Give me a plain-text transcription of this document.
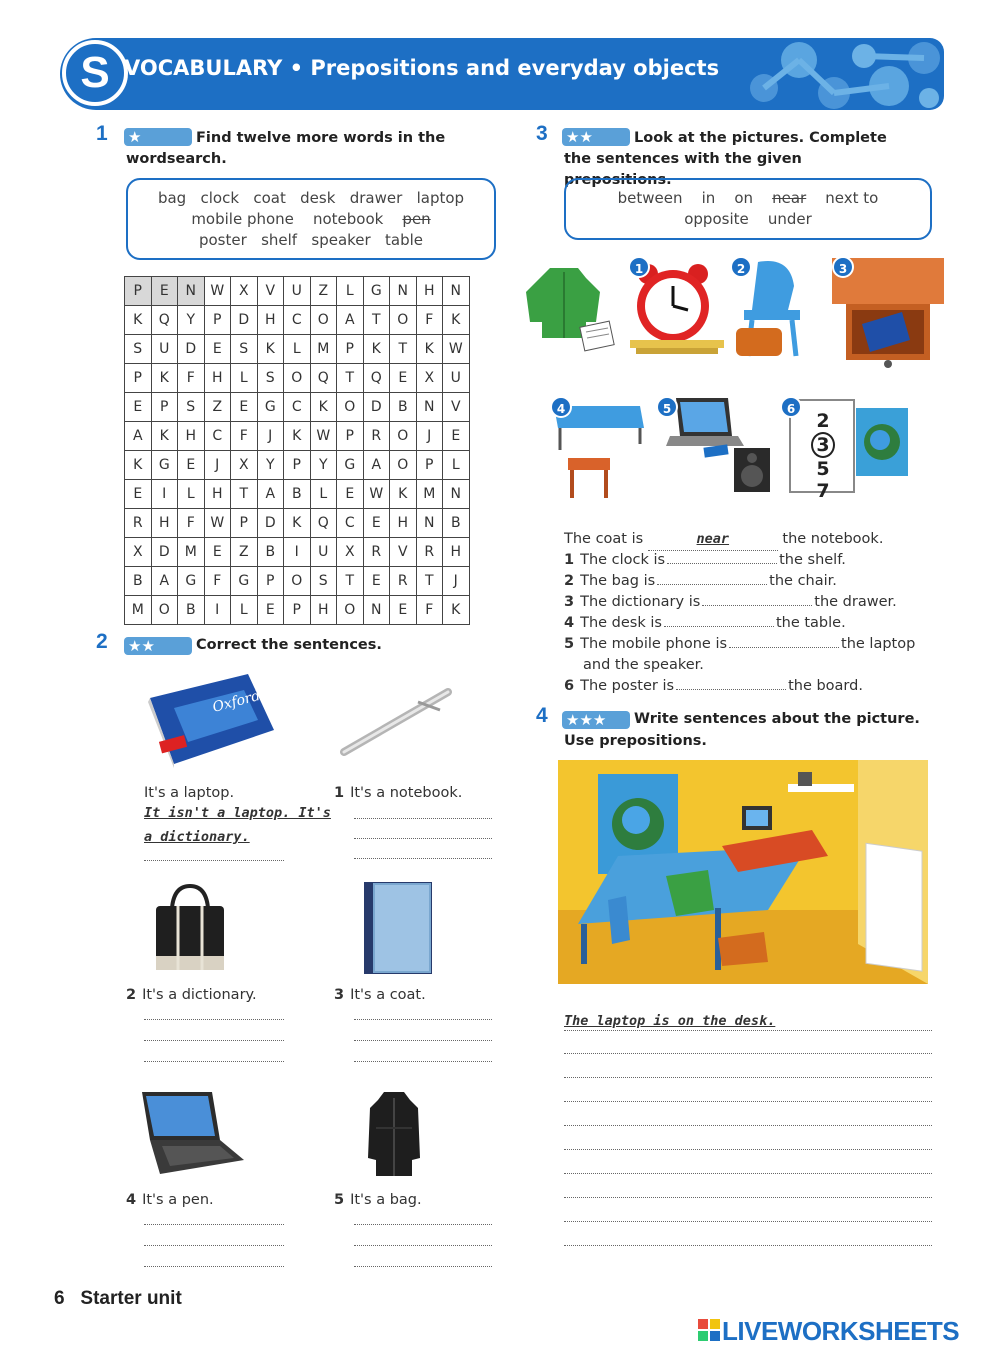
S VOCABULARY • Prepositions and everyday objects
1 ★	Find twelve more words in the wordsearch.
bag clock coat desk drawer laptop
mobile phone notebook pen
poster shelf speaker table
P	E	N	W	X	V	U	Z	L	G	N	H	N
K	Q	Y	P	D	H	C	O	A	T	O	F	K
S	U	D	E	S	K	L	M	P	K	T	K	W
P	K	F	H	L	S	O	Q	T	Q	E	X	U
E	P	S	Z	E	G	C	K	O	D	B	N	V
A	K	H	C	F	J	K	W	P	R	O	J	E
K	G	E	J	X	Y	P	Y	G	A	O	P	L
E	I	L	H	T	A	B	L	E	W	K	M	N
R	H	F	W	P	D	K	Q	C	E	H	N	B
X	D	M	E	Z	B	I	U	X	R	V	R	H
B	A	G	F	G	P	O	S	T	E	R	T	J
M	O	B	I	L	E	P	H	O	N	E	F	K
2 ★★	Correct the sentences.
Oxford
It's a laptop.
It isn't a laptop. It's
a dictionary.
1 It's a notebook.
2 It's a dictionary.	3 It's a coat.
4 It's a pen.	5 It's a bag.
3 ★★	Look at the pictures. Complete the sentences with the given prepositions.
between in on near next to
opposite under
1	2	3
4	5
2
3
5 7
6
The coat is	near	the notebook.
1 The clock is	the shelf.
2 The bag is	the chair.
3 The dictionary is	the drawer.
4 The desk is	the table.
5 The mobile phone is	the laptop
and the speaker.
6 The poster is	the board.
4 ★★★	Write sentences about the picture.
Use prepositions.
The laptop is on the desk.
6 Starter unit
LIVEWORKSHEETS
